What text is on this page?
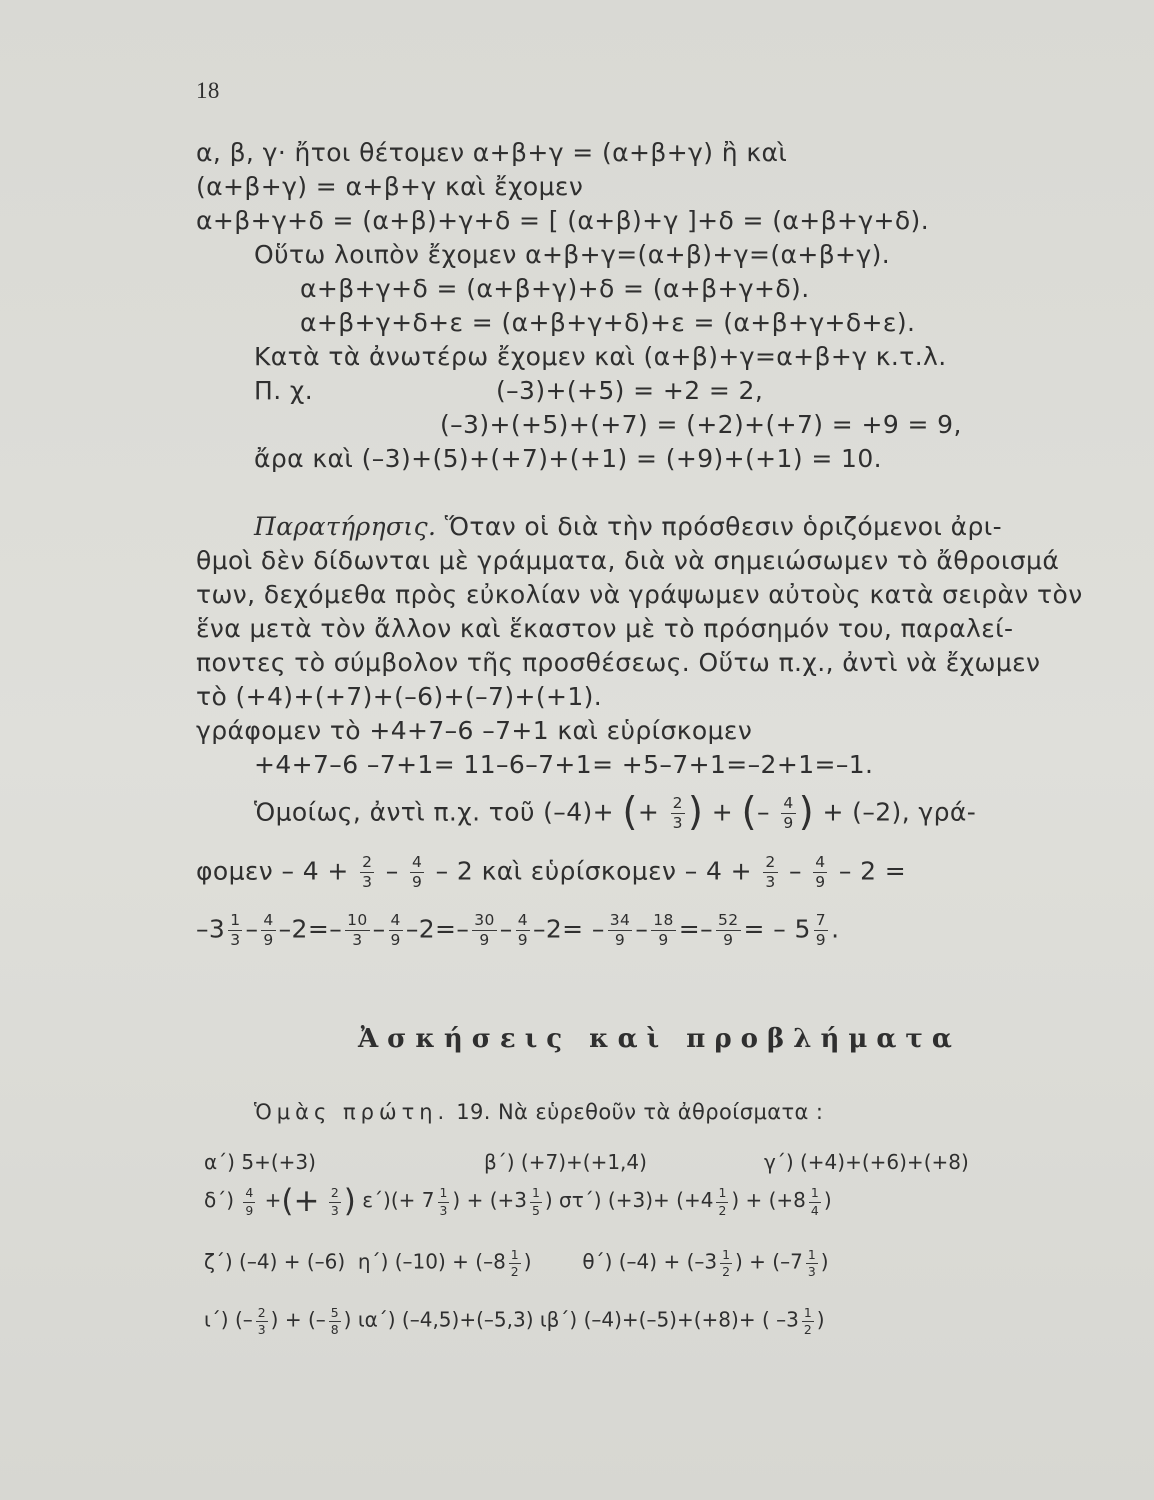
18
α, β, γ· ἤτοι θέτομεν α+β+γ = (α+β+γ) ἢ καὶ
(α+β+γ) = α+β+γ καὶ ἔχομεν
α+β+γ+δ = (α+β)+γ+δ = [ (α+β)+γ ]+δ = (α+β+γ+δ).
Οὕτω λοιπὸν ἔχομεν α+β+γ=(α+β)+γ=(α+β+γ).
α+β+γ+δ = (α+β+γ)+δ = (α+β+γ+δ).
α+β+γ+δ+ε = (α+β+γ+δ)+ε = (α+β+γ+δ+ε).
Κατὰ τὰ ἀνωτέρω ἔχομεν καὶ (α+β)+γ=α+β+γ κ.τ.λ.
Π. χ.	(–3)+(+5) = +2 = 2,
(–3)+(+5)+(+7) = (+2)+(+7) = +9 = 9,
ἄρα καὶ (–3)+(5)+(+7)+(+1) = (+9)+(+1) = 10.
Παρατήρησις. Ὅταν οἱ διὰ τὴν πρόσθεσιν ὁριζόμενοι ἀρι-
θμοὶ δὲν δίδωνται μὲ γράμματα, διὰ νὰ σημειώσωμεν τὸ ἄθροισμά
των, δεχόμεθα πρὸς εὐκολίαν νὰ γράψωμεν αὐτοὺς κατὰ σειρὰν τὸν
ἕνα μετὰ τὸν ἄλλον καὶ ἕκαστον μὲ τὸ πρόσημόν του, παραλεί-
ποντες τὸ σύμβολον τῆς προσθέσεως. Οὕτω π.χ., ἀντὶ νὰ ἔχωμεν
τὸ (+4)+(+7)+(–6)+(–7)+(+1).
γράφομεν τὸ +4+7–6 –7+1 καὶ εὑρίσκομεν
+4+7–6 –7+1= 11–6–7+1= +5–7+1=–2+1=–1.
Ὁμοίως, ἀντὶ π.χ. τοῦ (–4)+ (+ $\frac{2}{3}$ ) + (– $\frac{4}{9}$ ) + (–2), γρά-
$\varphi o\mu\varepsilon\nu - 4 + \frac{2}{3} - \frac{4}{9} - 2$ καὶ εὑρίσκομεν – $4 + \frac{2}{3} - \frac{4}{9} - 2$ =
$-3 \frac{1}{3} - \frac{4}{9} -2=- \frac{10}{3} - \frac{4}{9} -2=- \frac{30}{9} - \frac{4}{9} -2= - \frac{34}{9} - \frac{18}{9} =- \frac{52}{9}$ = – $5 \frac{7}{9}$ .
Ἀσκήσεις καὶ προβλήματα
Ὁμὰς πρώτη. 19. Νὰ εὑρεθοῦν τὰ ἀθροίσματα :
α΄) 5+(+3)	β΄) (+7)+(+1,4)	γ΄) (+4)+(+6)+(+8)
$\delta΄) \frac{4}{9}$ +(+ $\frac{2}{3}$ ) $\varepsilon΄)(+ 7 \frac{1}{3}$ ) + ($+3 \frac{1}{5}$ ) στ΄) $(+3)+ (+4 \frac{1}{2}$ ) + ($+8 \frac{1}{4}$ )
ζ΄) (–4) + (–6) η΄) $(-10) + (-8 \frac{1}{2}$ )	θ΄) $(-4) + (-3 \frac{1}{2}$ ) + ($-7 \frac{1}{3}$ )
ι΄) (– $\frac{2}{3}$ ) + (– $\frac{5}{8}$ ) ια΄) (–4,5)+(–5,3) ιβ΄) (–4)+(–5)+(+8)+ ( $-3 \frac{1}{2}$ )
